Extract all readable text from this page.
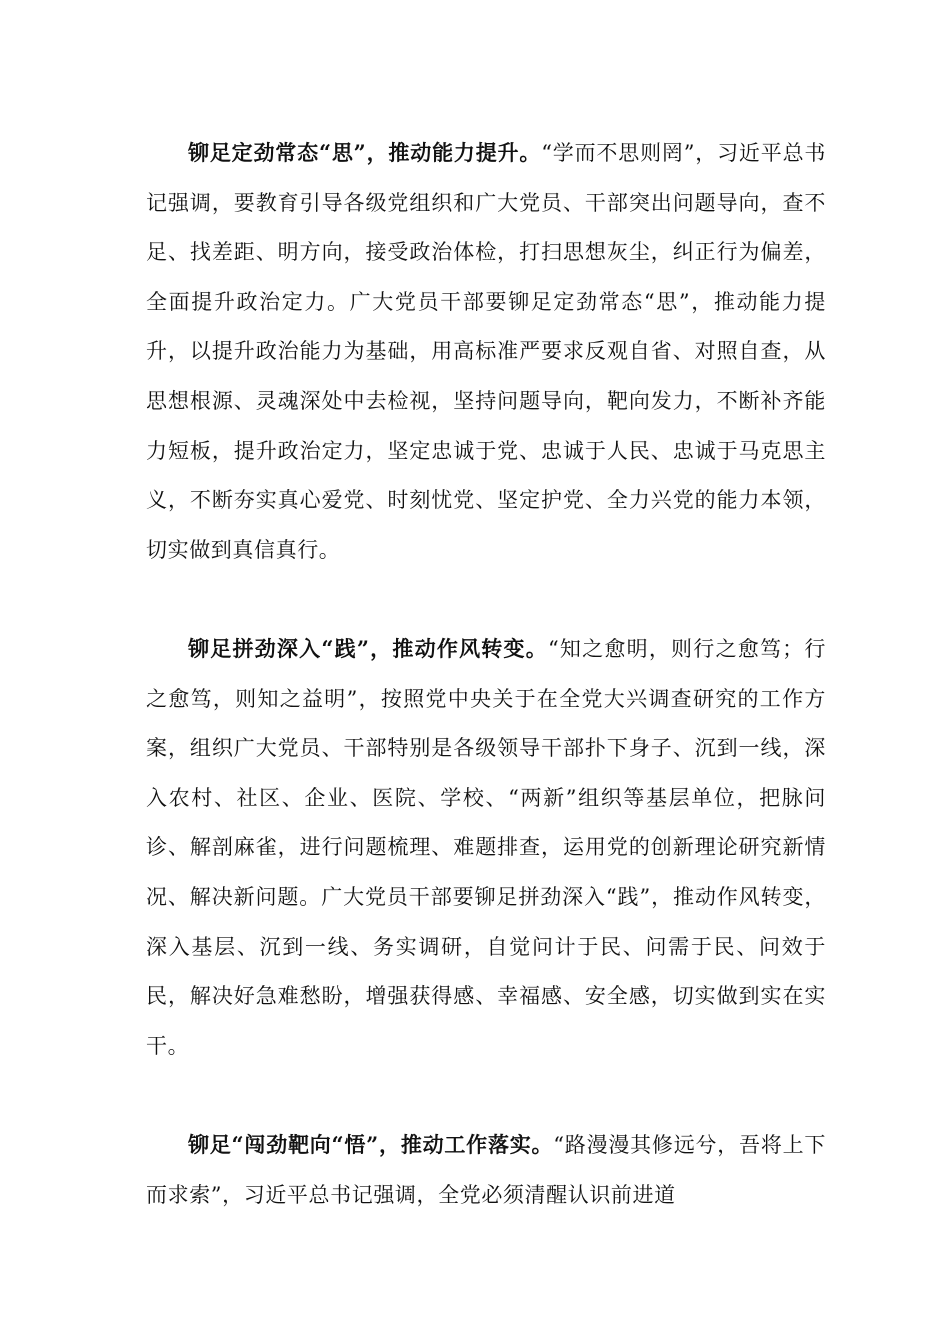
铆足定劲常态“思”，推动能力提升。“学而不思则罔”，习近平总书记强调，要教育引导各级党组织和广大党员、干部突出问题导向，查不足、找差距、明方向，接受政治体检，打扫思想灰尘，纠正行为偏差，全面提升政治定力。广大党员干部要铆足定劲常态“思”，推动能力提升，以提升政治能力为基础，用高标准严要求反观自省、对照自查，从思想根源、灵魂深处中去检视，坚持问题导向，靶向发力，不断补齐能力短板，提升政治定力，坚定忠诚于党、忠诚于人民、忠诚于马克思主义，不断夯实真心爱党、时刻忧党、坚定护党、全力兴党的能力本领，切实做到真信真行。

铆足拼劲深入“践”，推动作风转变。“知之愈明，则行之愈笃；行之愈笃，则知之益明”，按照党中央关于在全党大兴调查研究的工作方案，组织广大党员、干部特别是各级领导干部扑下身子、沉到一线，深入农村、社区、企业、医院、学校、“两新”组织等基层单位，把脉问诊、解剖麻雀，进行问题梳理、难题排查，运用党的创新理论研究新情况、解决新问题。广大党员干部要铆足拼劲深入“践”，推动作风转变，深入基层、沉到一线、务实调研，自觉问计于民、问需于民、问效于民，解决好急难愁盼，增强获得感、幸福感、安全感，切实做到实在实干。

铆足“闯劲靶向“悟”，推动工作落实。“路漫漫其修远兮，吾将上下而求索”，习近平总书记强调，全党必须清醒认识前进道
